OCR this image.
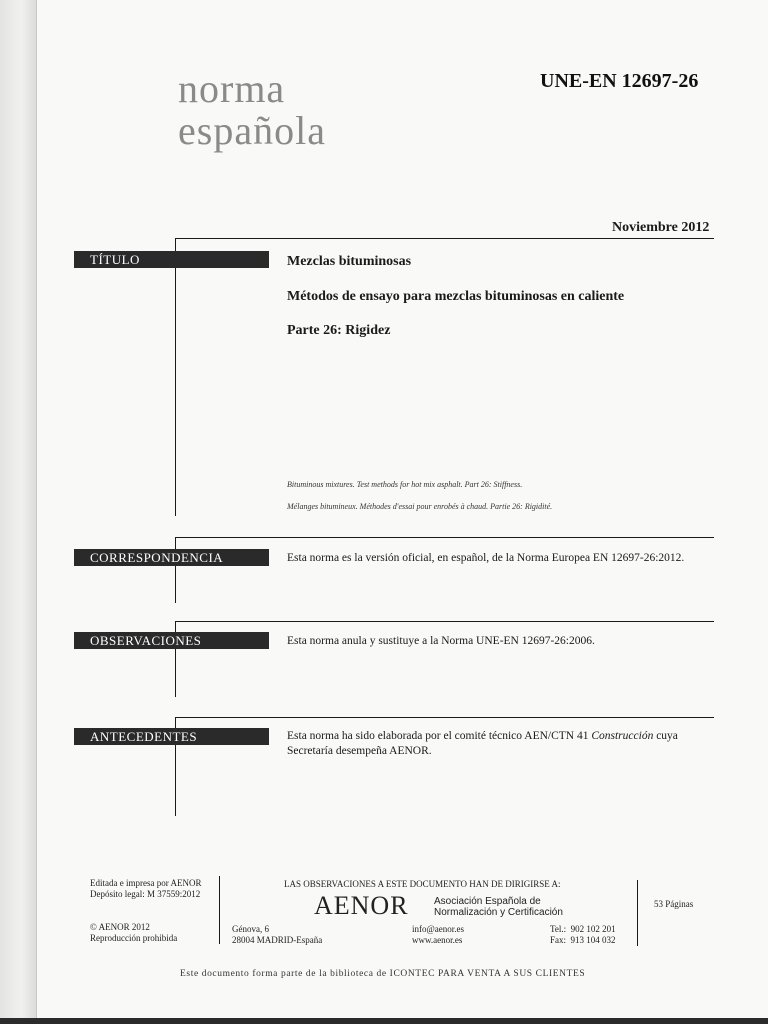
norma
española
UNE-EN 12697-26
Noviembre 2012
TÍTULO	Mezclas bituminosas
Métodos de ensayo para mezclas bituminosas en caliente
Parte 26: Rigidez
Bituminous mixtures. Test methods for hot mix asphalt. Part 26: Stiffness.
Mélanges bitumineux. Méthodes d'essai pour enrobés à chaud. Partie 26: Rigidité.
CORRESPONDENCIA	Esta norma es la versión oficial, en español, de la Norma Europea EN 12697-26:2012.
OBSERVACIONES	Esta norma anula y sustituye a la Norma UNE-EN 12697-26:2006.
ANTECEDENTES	Esta norma ha sido elaborada por el comité técnico AEN/CTN 41 Construcción cuya
Secretaría desempeña AENOR.
Editada e impresa por AENOR
Depósito legal: M 37559:2012
© AENOR 2012
Reproducción prohibida
LAS OBSERVACIONES A ESTE DOCUMENTO HAN DE DIRIGIRSE A:
AENOR	Asociación Española de
Normalización y Certificación
Génova, 6
28004 MADRID-España
info@aenor.es
www.aenor.es
Tel.:  902 102 201
Fax:  913 104 032
53 Páginas
Este documento forma parte de la biblioteca de ICONTEC PARA VENTA A SUS CLIENTES
